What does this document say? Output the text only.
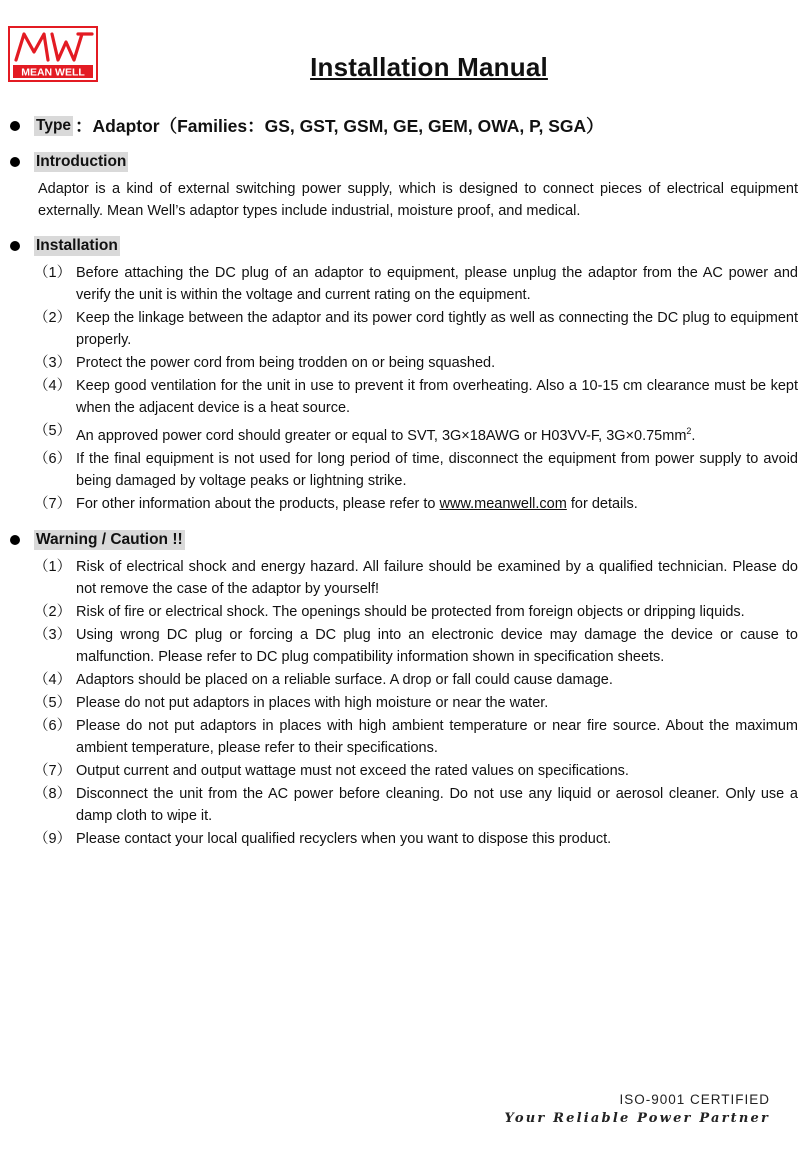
MEAN WELL	Installation Manual
Type ：Adaptor（Families：GS, GST, GSM, GE, GEM, OWA, P, SGA）
Introduction
Adaptor is a kind of external switching power supply, which is designed to connect pieces of electrical equipment externally. Mean Well’s adaptor types include industrial, moisture proof, and medical.
Installation
（1） Before attaching the DC plug of an adaptor to equipment, please unplug the adaptor from the AC power and verify the unit is within the voltage and current rating on the equipment.
（2） Keep the linkage between the adaptor and its power cord tightly as well as connecting the DC plug to equipment properly.
（3） Protect the power cord from being trodden on or being squashed.
（4） Keep good ventilation for the unit in use to prevent it from overheating. Also a 10-15 cm clearance must be kept when the adjacent device is a heat source.
（5） An approved power cord should greater or equal to SVT, 3G×18AWG or H03VV-F, $3G\times 0.75mm^2$.
（6） If the final equipment is not used for long period of time, disconnect the equipment from power supply to avoid being damaged by voltage peaks or lightning strike.
（7） For other information about the products, please refer to www.meanwell.com for details.
Warning / Caution !!
（1） Risk of electrical shock and energy hazard. All failure should be examined by a qualified technician. Please do not remove the case of the adaptor by yourself!
（2） Risk of fire or electrical shock. The openings should be protected from foreign objects or dripping liquids.
（3） Using wrong DC plug or forcing a DC plug into an electronic device may damage the device or cause to malfunction. Please refer to DC plug compatibility information shown in specification sheets.
（4） Adaptors should be placed on a reliable surface. A drop or fall could cause damage.
（5） Please do not put adaptors in places with high moisture or near the water.
（6） Please do not put adaptors in places with high ambient temperature or near fire source. About the maximum ambient temperature, please refer to their specifications.
（7） Output current and output wattage must not exceed the rated values on specifications.
（8） Disconnect the unit from the AC power before cleaning. Do not use any liquid or aerosol cleaner. Only use a damp cloth to wipe it.
（9） Please contact your local qualified recyclers when you want to dispose this product.
ISO-9001 CERTIFIED
Your Reliable Power Partner
